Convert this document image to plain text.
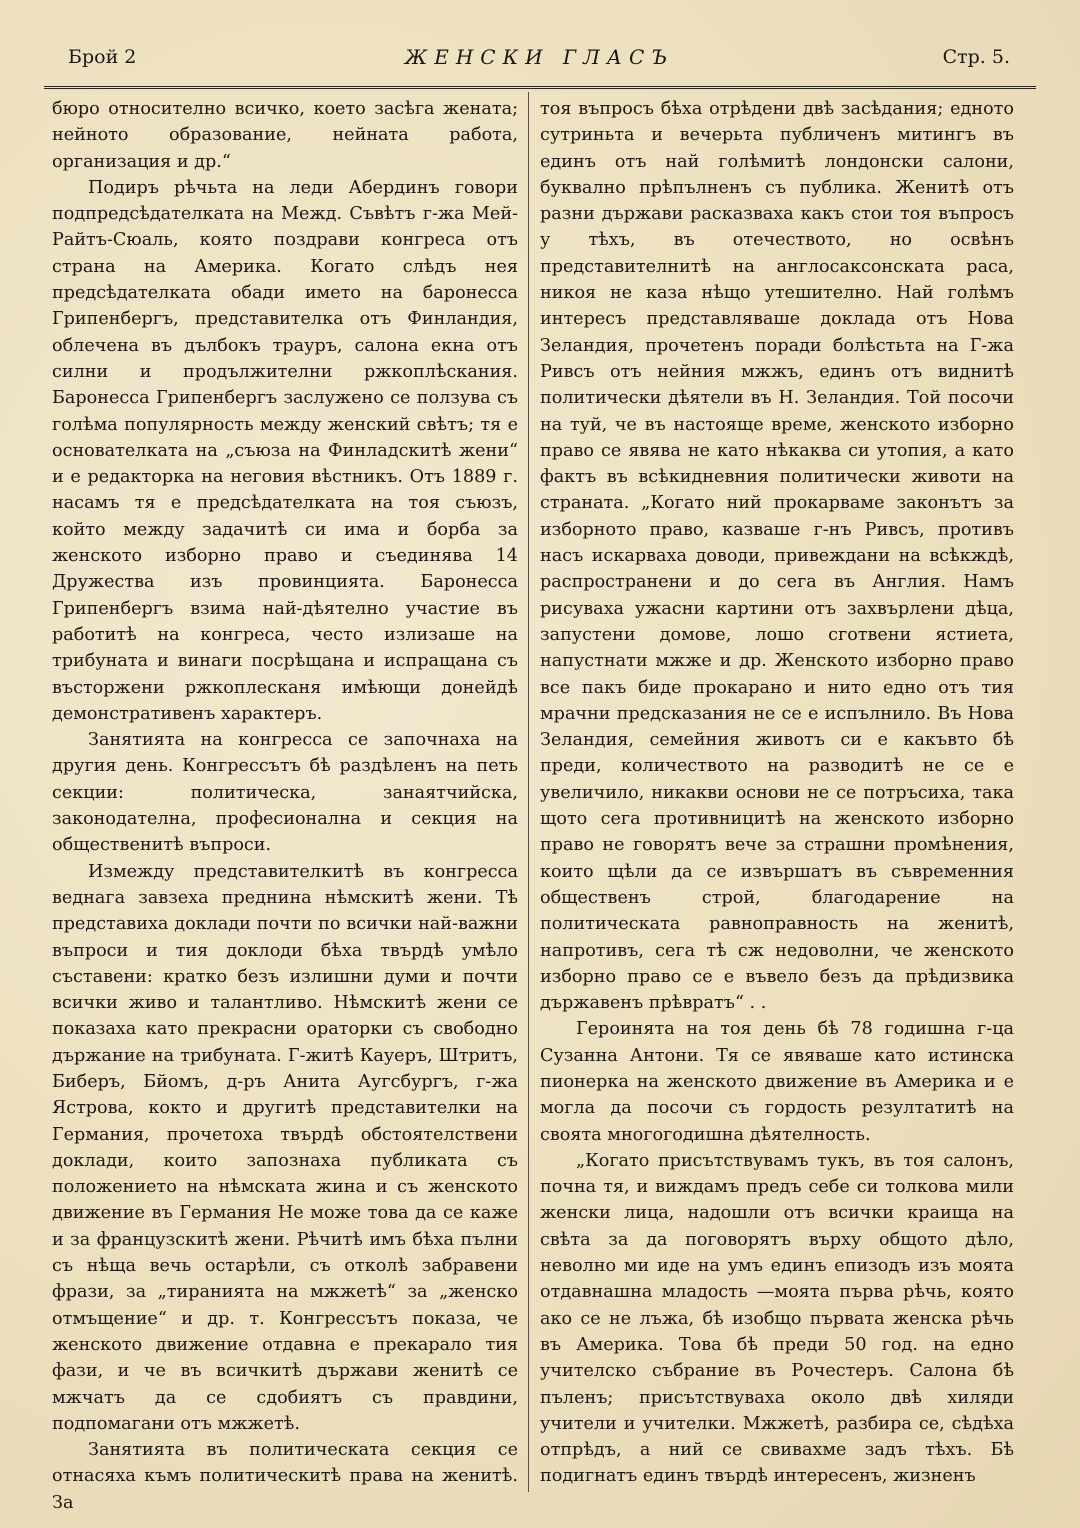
Брой 2	ЖЕНСКИ ГЛАСЪ	Стр. 5.

бюро относително всичко, което засѣга жената; нейното образование, нейната работа, организация и др.“

Подиръ рѣчьта на леди Абердинъ говори подпредсѣдателката на Межд. Съвѣтъ г-жа Мей-Райтъ-Сюаль, която поздрави конгреса отъ страна на Америка. Когато слѣдъ нея предсѣдателката обади името на баронесса Грипенбергъ, представителка отъ Финландия, облечена въ дълбокъ трауръ, салона екна отъ силни и продължителни ржкоплѣскания. Баронесса Грипенбергъ заслужено се ползува съ голѣма популярность между женский свѣтъ; тя е основателката на „съюза на Финладскитѣ жени“ и е редакторка на неговия вѣстникъ. Отъ 1889 г. насамъ тя е предсѣдателката на тоя съюзъ, който между задачитѣ си има и борба за женското изборно право и съединява 14 Дружества изъ провинцията. Баронесса Грипенбергъ взима най-дѣятелно участие въ работитѣ на конгреса, често излизаше на трибуната и винаги посрѣщана и испращана съ въсторжени ржкоплесканя имѣющи донейдѣ демонстративенъ характеръ.

Занятията на конгресса се започнаха на другия день. Конгрессътъ бѣ раздѣленъ на петь секции: политическа, занаятчийска, законодателна, професионална и секция на общественитѣ въпроси.

Измежду представителкитѣ въ конгресса веднага завзеха преднина нѣмскитѣ жени. Тѣ представиха доклади почти по всички най-важни въпроси и тия доклоди бѣха твърдѣ умѣло съставени: кратко безъ излишни думи и почти всички живо и талантливо. Нѣмскитѣ жени се показаха като прекрасни ораторки съ свободно държание на трибуната. Г-житѣ Кауеръ, Штритъ, Биберъ, Бйомъ, д-ръ Анита Аугсбургъ, г-жа Ястрова, кокто и другитѣ представителки на Германия, прочетоха твърдѣ обстоятелствени доклади, които запознаха публиката съ положението на нѣмската жина и съ женското движение въ Германия Не може това да се каже и за французскитѣ жени. Рѣчитѣ имъ бѣха пълни съ нѣща вечь остарѣли, съ отколѣ забравени фрази, за „тиранията на мжжетѣ“ за „женско отмъщение“ и др. т. Конгрессътъ показа, че женското движение отдавна е прекарало тия фази, и че въ всичкитѣ държави женитѣ се мжчатъ да се сдобиятъ съ правдини, подпомагани отъ мжжетѣ.

Занятията въ политическата секция се отнасяха къмъ политическитѣ права на женитѣ. За

тоя въпросъ бѣха отрѣдени двѣ засѣдания; едното сутриньта и вечерьта публиченъ митингъ въ единъ отъ най голѣмитѣ лондонски салони, буквално прѣпълненъ съ публика. Женитѣ отъ разни държави расказваха какъ стои тоя въпросъ у тѣхъ, въ отечеството, но освѣнъ представителнитѣ на англосаксонската раса, никоя не каза нѣщо утешително. Най голѣмъ интересъ представляваше доклада отъ Нова Зеландия, прочетенъ поради болѣстьта на Г-жа Ривсъ отъ нейния мжжъ, единъ отъ виднитѣ политически дѣятели въ Н. Зеландия. Той посочи на туй, че въ настояще време, женското изборно право се явява не като нѣкаква си утопия, а като фактъ въ всѣкидневния политически животи на страната. „Когато ний прокарваме законътъ за изборното право, казваше г-нъ Ривсъ, противъ насъ искарваха доводи, привеждани на всѣкждѣ, распространени и до сега въ Англия. Намъ рисуваха ужасни картини отъ захвърлени дѣца, запустени домове, лошо сготвени ястиета, напустнати мжже и др. Женското изборно право все пакъ биде прокарано и нито едно отъ тия мрачни предсказания не се е испълнило. Въ Нова Зеландия, семейния животъ си е какъвто бѣ преди, количеството на разводитѣ не се е увеличило, никакви основи не се потръсиха, така щото сега противницитѣ на женското изборно право не говорятъ вече за страшни промѣнения, които щѣли да се извършатъ въ съвременния общественъ строй, благодарение на политическата равноправность на женитѣ, напротивъ, сега тѣ сж недоволни, че женското изборно право се е въвело безъ да прѣдизвика държавенъ прѣвратъ“ . .

Героинята на тоя день бѣ 78 годишна г-ца Сузанна Антони. Тя се явяваше като истинска пионерка на женското движение въ Америка и е могла да посочи съ гордость резултатитѣ на своята многогодишна дѣятелность.

„Когато присътствувамъ тукъ, въ тоя салонъ, почна тя, и виждамъ предъ себе си толкова мили женски лица, надошли отъ всички краища на свѣта за да поговорятъ върху общото дѣло, неволно ми иде на умъ единъ епизодъ изъ моята отдавнашна младость —моята първа рѣчь, която ако се не лъжа, бѣ изобщо първата женска рѣчь въ Америка. Това бѣ преди 50 год. на едно учителско събрание въ Рочестеръ. Салона бѣ пъленъ; присътствуваха около двѣ хиляди учители и учителки. Мжжетѣ, разбира се, сѣдѣха отпрѣдъ, а ний се свивахме задъ тѣхъ. Бѣ подигнатъ единъ твърдѣ интересенъ, жизненъ
